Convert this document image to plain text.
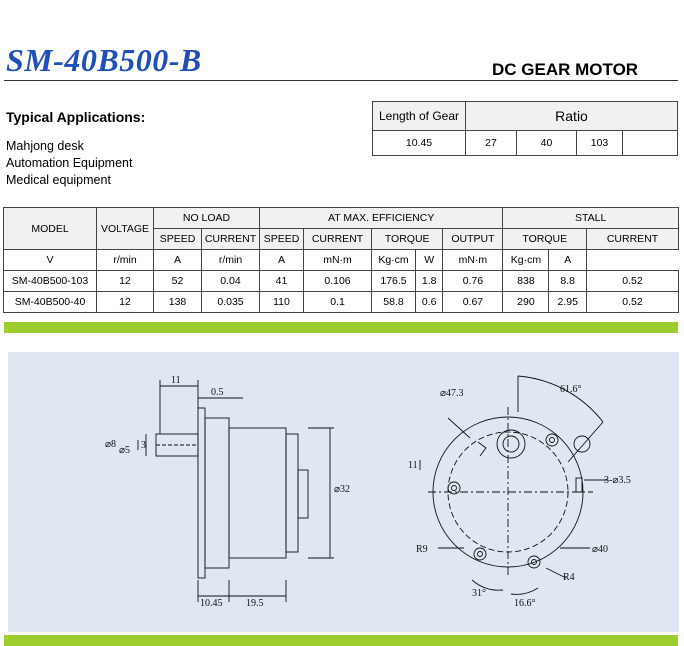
SM-40B500-B	DC GEAR MOTOR
Typical Applications:
Mahjong desk
Automation Equipment
Medical equipment
Length of Gear	Ratio			
10.45	27	40	103	
MODEL	VOLTAGE	NO LOAD		AT MAX. EFFICIENCY					STALL		
		SPEED	CURRENT	SPEED	CURRENT	TORQUE		OUTPUT	TORQUE		CURRENT
V	r/min	A	r/min	A	mN·m	Kg·cm	W	mN·m	Kg·cm	A	
SM-40B500-103	12	52	0.04	41	0.106	176.5	1.8	0.76	838	8.8	0.52
SM-40B500-40	12	138	0.035	110	0.1	58.8	0.6	0.67	290	2.95	0.52
11
0.5
⌀8
⌀5 3
⌀32
10.45 19.5
⌀47.3	61.6°
3-⌀3.5
11
R9	⌀40
R4
31°
16.6°
